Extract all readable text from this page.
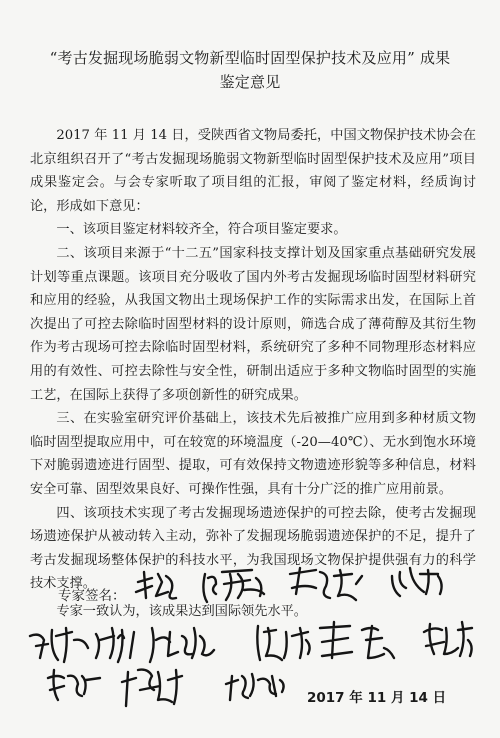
“考古发掘现场脆弱文物新型临时固型保护技术及应用” 成果
鉴定意见

2017 年 11 月 14 日，受陕西省文物局委托，中国文物保护技术协会在北京组织召开了“考古发掘现场脆弱文物新型临时固型保护技术及应用”项目成果鉴定会。与会专家听取了项目组的汇报，审阅了鉴定材料，经质询讨论，形成如下意见：

一、该项目鉴定材料较齐全，符合项目鉴定要求。

二、该项目来源于“十二五”国家科技支撑计划及国家重点基础研究发展计划等重点课题。该项目充分吸收了国内外考古发掘现场临时固型材料研究和应用的经验，从我国文物出土现场保护工作的实际需求出发，在国际上首次提出了可控去除临时固型材料的设计原则，筛选合成了薄荷醇及其衍生物作为考古现场可控去除临时固型材料，系统研究了多种不同物理形态材料应用的有效性、可控去除性与安全性，研制出适应于多种文物临时固型的实施工艺，在国际上获得了多项创新性的研究成果。

三、在实验室研究评价基础上，该技术先后被推广应用到多种材质文物临时固型提取应用中，可在较宽的环境温度（-20—40℃）、无水到饱水环境下对脆弱遗迹进行固型、提取，可有效保持文物遗迹形貌等多种信息，材料安全可靠、固型效果良好、可操作性强，具有十分广泛的推广应用前景。

四、该项技术实现了考古发掘现场遗迹保护的可控去除，使考古发掘现场遗迹保护从被动转入主动，弥补了发掘现场脆弱遗迹保护的不足，提升了考古发掘现场整体保护的科技水平，为我国现场文物保护提供强有力的科学技术支撑。

专家一致认为，该成果达到国际领先水平。

专家签名：
2017 年 11 月 14 日
